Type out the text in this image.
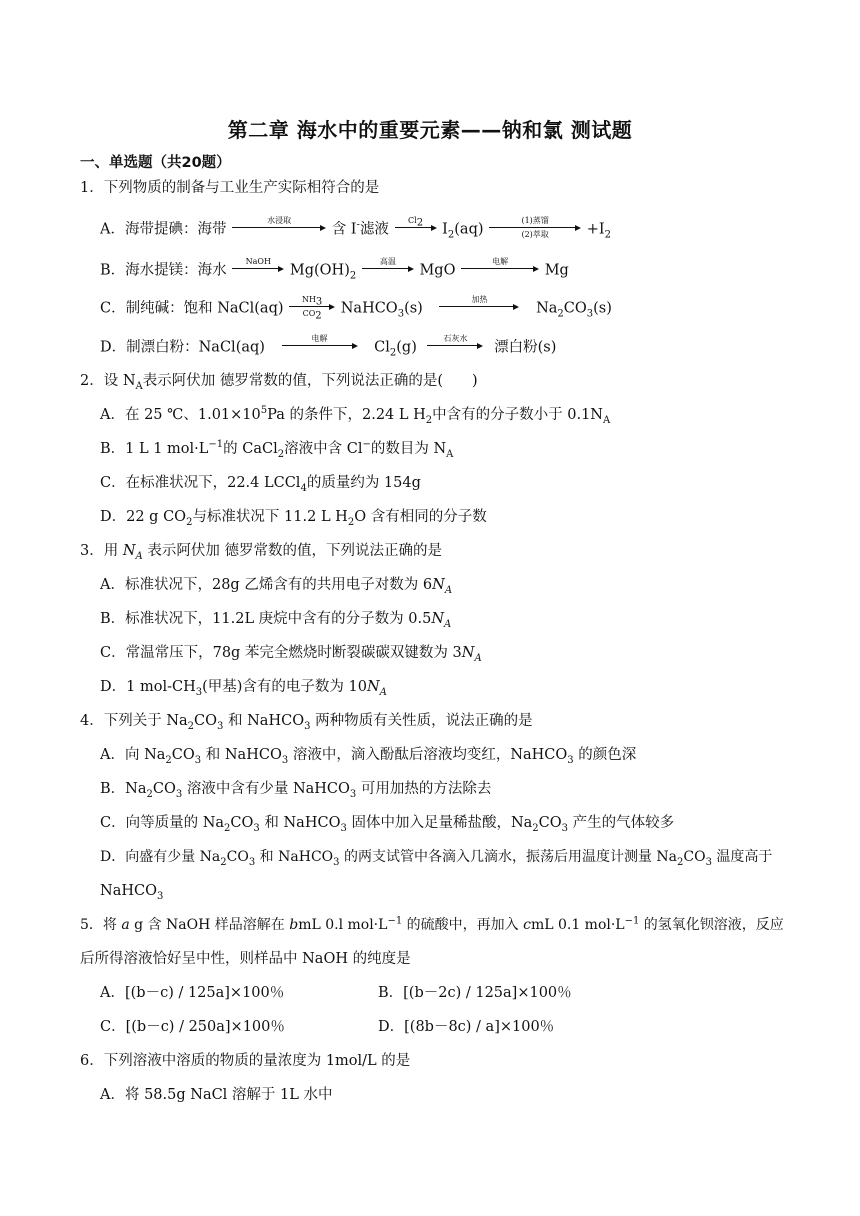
第二章 海水中的重要元素——钠和氯 测试题
一、单选题（共20题）
1．下列物质的制备与工业生产实际相符合的是
A．海带提碘：海带
水浸取

含 I-滤液
$Cl_2$
$I_2(aq)$
(1)蒸馏
(2)萃取	$+I_2$
B．海水提镁：海水
NaOH

$Mg(OH)_2$
高温

MgO
电解

Mg
C．制纯碱：饱和 NaCl(aq)
$NH_3$
$CO_2$ NaHCO$_3$(s)
加热

$Na_2CO_3(s)$
D．制漂白粉：NaCl(aq)
电解

$Cl_2(g)$
石灰水

漂白粉(s)
2．设 $N_A$表示阿伏加 德罗常数的值，下列说法正确的是(　　)
A．在 25 ℃、$1.01\times 10^5Pa$ 的条件下，2.24 L $H_2$中含有的分子数小于 $0.1N_A$
B．1 L 1 $mol\cdot L^{-1}$的 CaCl$_2$溶液中含 Cl−的数目为 $N_A$
C．在标准状况下，22.4 LCCl$_4$的质量约为 154g
D．22 g $CO_2$与标准状况下 11.2 L $H_2O$ 含有相同的分子数
3．用 $N_A$ 表示阿伏加 德罗常数的值，下列说法正确的是
A．标准状况下，28g 乙烯含有的共用电子对数为 $6N_A$
B．标准状况下，11.2L 庚烷中含有的分子数为 $0.5N_A$
C．常温常压下，78g 苯完全燃烧时断裂碳碳双键数为 $3N_A$
D．1 mol-$CH_3$(甲基)含有的电子数为 $10N_A$
4．下列关于 $Na_2CO_3$ 和 NaHCO$_3$ 两种物质有关性质，说法正确的是
A．向 $Na_2CO_3$ 和 NaHCO$_3$ 溶液中，滴入酚酞后溶液均变红，NaHCO$_3$ 的颜色深
B．$Na_2CO_3$ 溶液中含有少量 NaHCO$_3$ 可用加热的方法除去
C．向等质量的 $Na_2CO_3$ 和 NaHCO$_3$ 固体中加入足量稀盐酸，$Na_2CO_3$ 产生的气体较多
D．向盛有少量 $Na_2CO_3$ 和 NaHCO$_3$ 的两支试管中各滴入几滴水，振荡后用温度计测量 $Na_2CO_3$ 温度高于
NaHCO$_3$
5．将 a g 含 NaOH 样品溶解在 bmL 0.l $mol\cdot L^{-1}$ 的硫酸中，再加入 cmL 0.1 $mol\cdot L^{-1}$ 的氢氧化钡溶液，反应
后所得溶液恰好呈中性，则样品中 NaOH 的纯度是
A．[(b－c) / 125a]×100％	B．[(b－2c) / 125a]×100％
C．[(b－c) / 250a]×100％	D．[(8b－8c) / a]×100％
6．下列溶液中溶质的物质的量浓度为 1mol/L 的是
A．将 58.5g NaCl 溶解于 1L 水中
